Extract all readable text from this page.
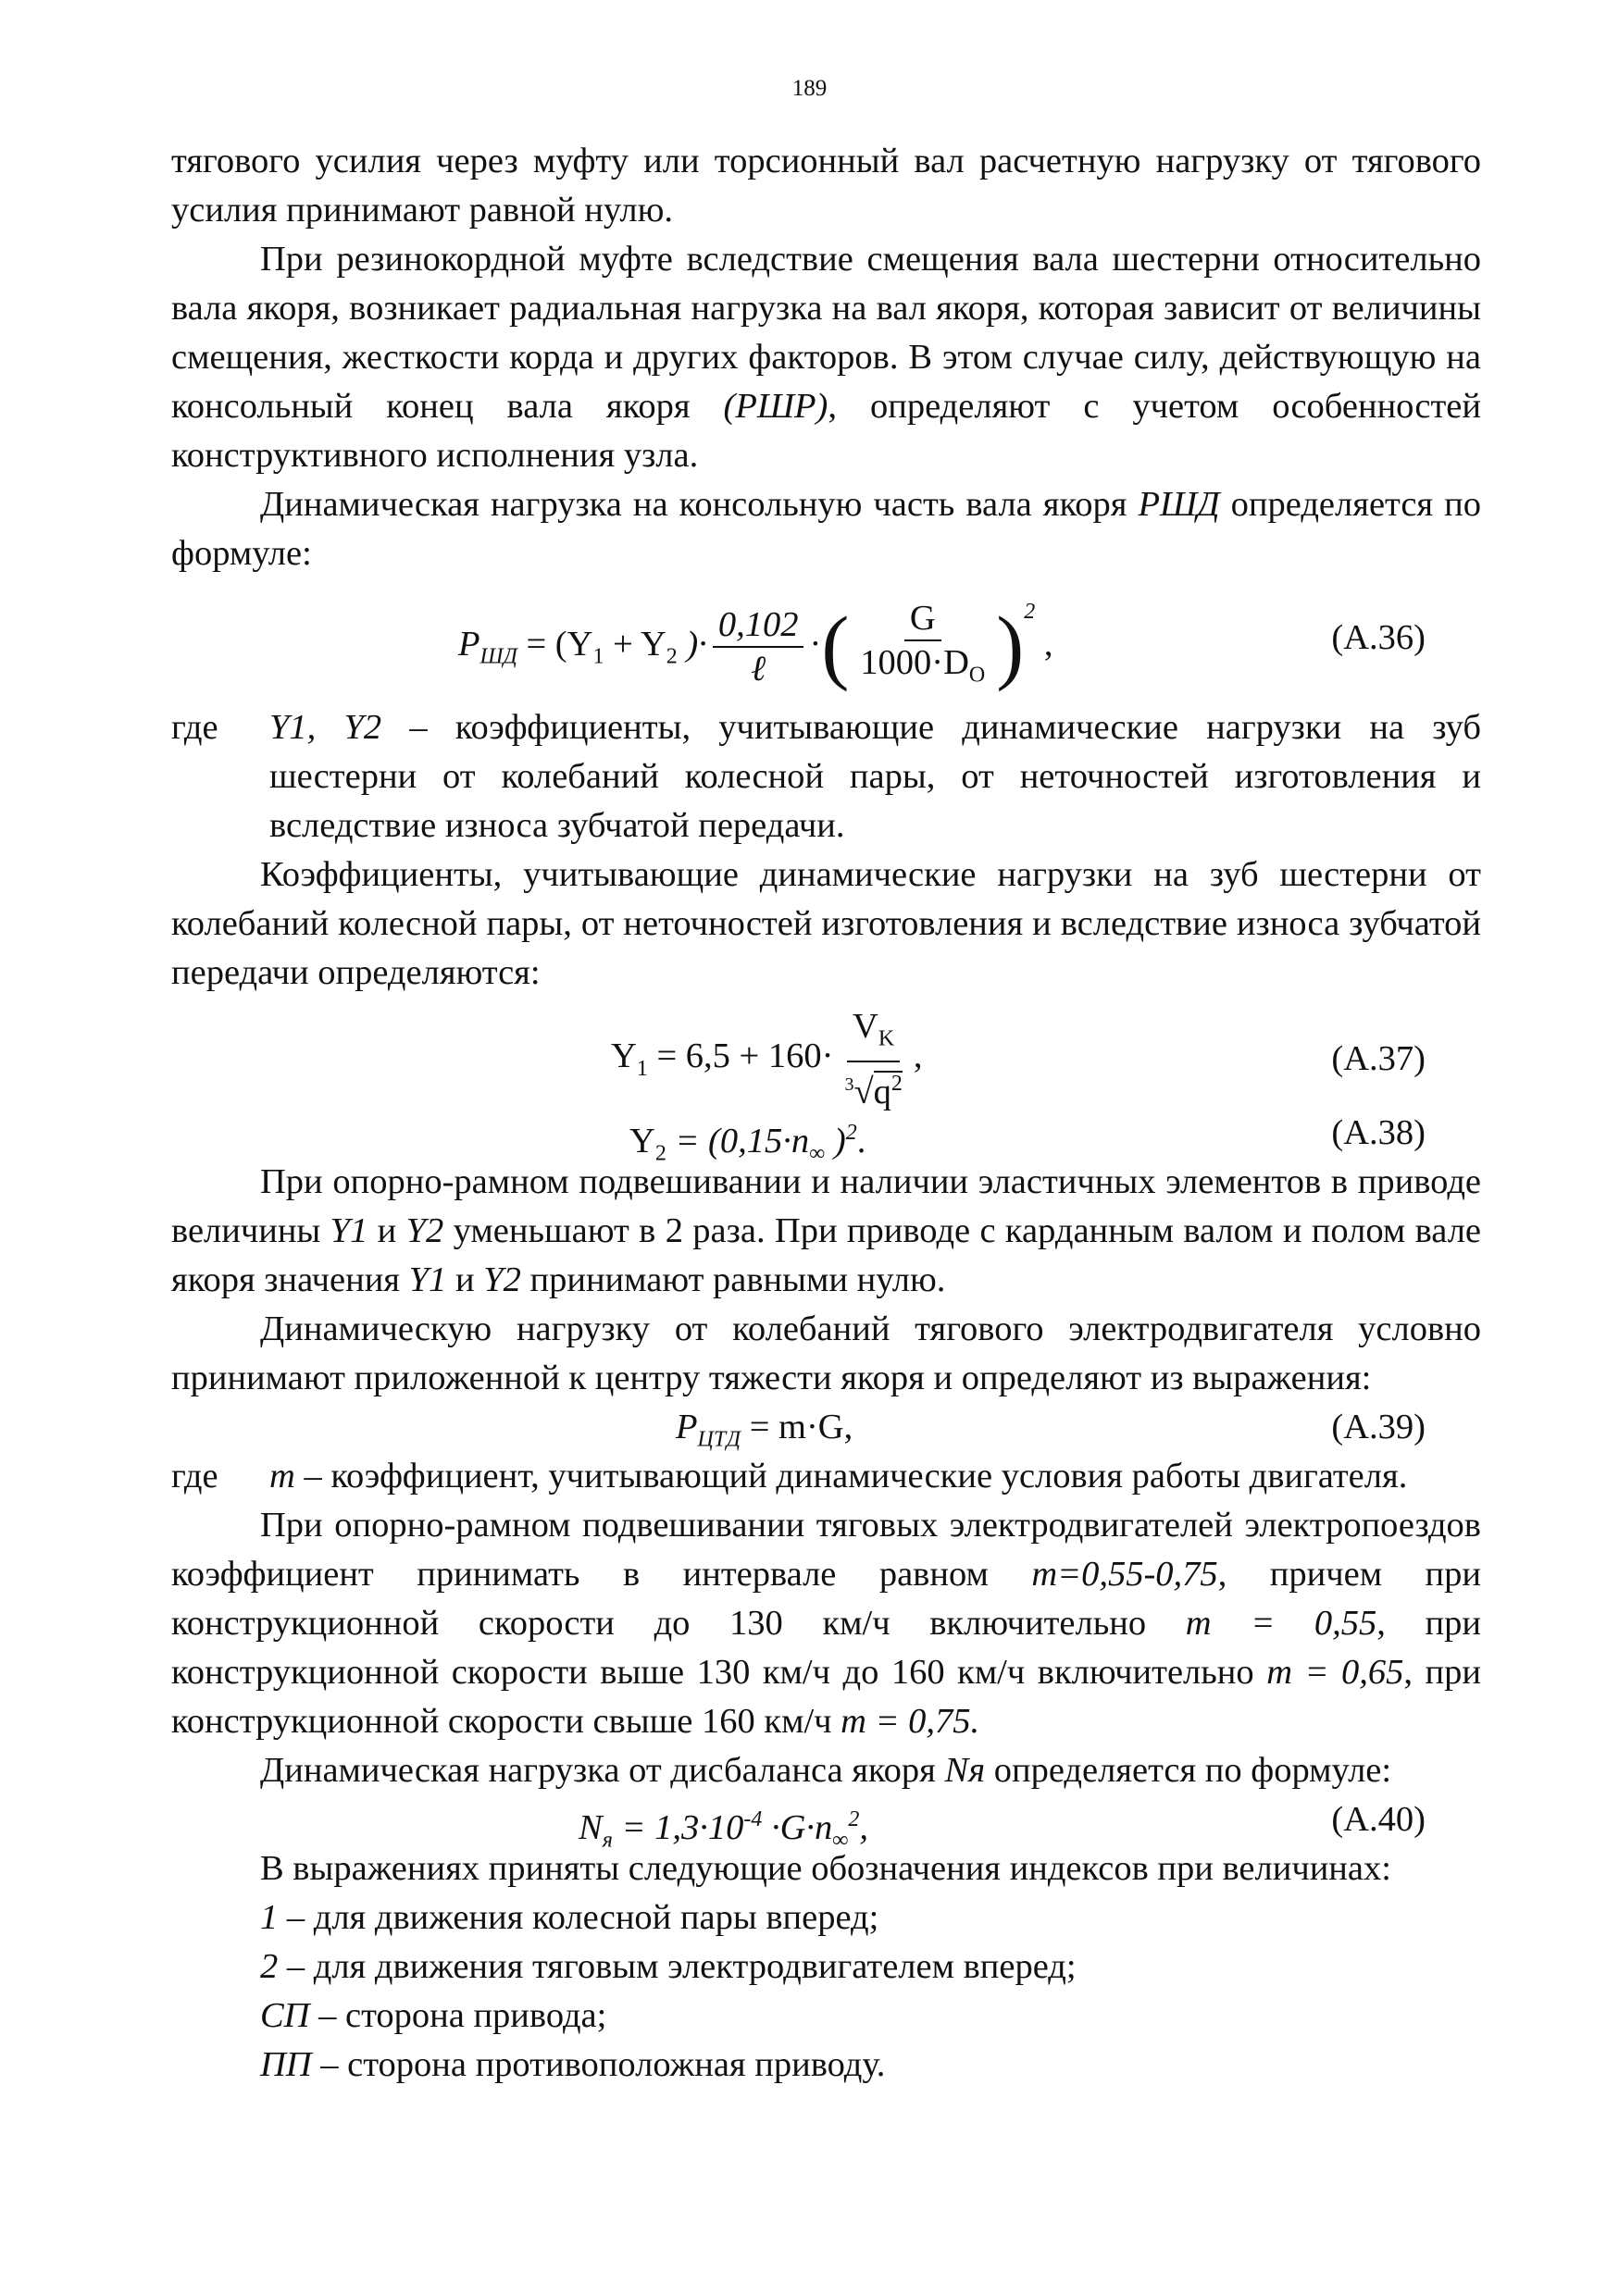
189

тягового усилия через муфту или торсионный вал расчетную нагрузку от тягового усилия принимают равной нулю.

При резинокордной муфте вследствие смещения вала шестерни относительно вала якоря, возникает радиальная нагрузка на вал якоря, которая зависит от величины смещения, жесткости корда и других факторов. В этом случае силу, действующую на консольный конец вала якоря (PШР), определяют с учетом особенностей конструктивного исполнения узла.

Динамическая нагрузка на консольную часть вала якоря PШД определяется по формуле:

$P_{ШД} = (Y_1 + Y_2$ )· $\frac{0,102}{\text{ℓ}}$ ·( $\frac{G}{1000\cdot D_O} )^2$ ,	(A.36)
где	Y1, Y2 – коэффициенты, учитывающие динамические нагрузки на зуб шестерни от колебаний колесной пары, от неточностей изготовления и вследствие износа зубчатой передачи.

Коэффициенты, учитывающие динамические нагрузки на зуб шестерни от колебаний колесной пары, от неточностей изготовления и вследствие износа зубчатой передачи определяются:

$Y_1 = 6,5 + 160\cdot \frac{V_K}{^3√q^2}$ ,	(A.37)
$Y_2 = (0,15\cdot n_\infty$ )$^2$.	(A.38)

При опорно-рамном подвешивании и наличии эластичных элементов в приводе величины Y1 и Y2 уменьшают в 2 раза. При приводе с карданным валом и полом вале якоря значения Y1 и Y2 принимают равными нулю.

Динамическую нагрузку от колебаний тягового электродвигателя условно принимают приложенной к центру тяжести якоря и определяют из выражения:

$P_{ЦТД} = m\cdot G$,	(A.39)
где	m – коэффициент, учитывающий динамические условия работы двигателя.

При опорно-рамном подвешивании тяговых электродвигателей электропоездов коэффициент принимать в интервале равном m=0,55-0,75, причем при конструкционной скорости до 130 км/ч включительно m = 0,55, при конструкционной скорости выше 130 км/ч до 160 км/ч включительно m = 0,65, при конструкционной скорости свыше 160 км/ч m = 0,75.

Динамическая нагрузка от дисбаланса якоря Nя определяется по формуле:

$N_я = 1,3\cdot 10^{-4} \cdot G\cdot n_\infty^2$,	(A.40)

В выражениях приняты следующие обозначения индексов при величинах:

1 – для движения колесной пары вперед;

2 – для движения тяговым электродвигателем вперед;

СП – сторона привода;

ПП – сторона противоположная приводу.
